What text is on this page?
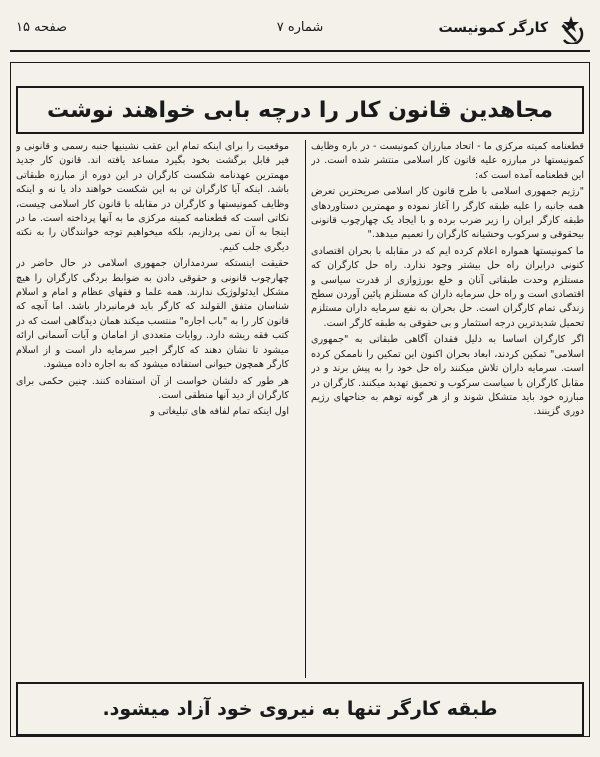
کارگر کمونیست
شماره ۷
صفحه ۱۵
مجاهدین قانون کار را درچه بابی خواهند نوشت

قطعنامه کمیته مرکزی ما - اتحاد مبارزان کمونیست - در باره وظایف کمونیستها در مبارزه علیه قانون کار اسلامی منتشر شده است. در این قطعنامه آمده است که:

"رژیم جمهوری اسلامی با طرح قانون کار اسلامی صریحترین تعرض همه جانبه را علیه طبقه کارگر را آغاز نموده و مهمترین دستاوردهای طبقه کارگر ایران را زیر ضرب برده و با ایجاد یک چهارچوب قانونی بیحقوقی و سرکوب وحشیانه کارگران را تعمیم میدهد."

ما کمونیستها همواره اعلام کرده ایم که در مقابله با بحران اقتصادی کنونی درایران راه حل بیشتر وجود ندارد. راه حل کارگران که مستلزم وحدت طبقاتی آنان و خلع بورژوازی از قدرت سیاسی و اقتصادی است و راه حل سرمایه داران که مستلزم پائین آوردن سطح زندگی تمام کارگران است. حل بحران به نفع سرمایه داران مستلزم تحمیل شدیدترین درجه استثمار و بی حقوقی به طبقه کارگر است.

اگر کارگران اساسا به دلیل فقدان آگاهی طبقاتی به "جمهوری اسلامی" تمکین کردند، ابعاد بحران اکنون این تمکین را ناممکن کرده است. سرمایه داران تلاش میکنند راه حل خود را به پیش برند و در مقابل کارگران با سیاست سرکوب و تحمیق تهدید میکنند. کارگران در مبارزه خود باید متشکل شوند و از هر گونه توهم به جناحهای رژیم دوری گزینند.

موقعیت را برای اینکه تمام این عقب نشینیها جنبه رسمی و قانونی و فیر قابل برگشت بخود بگیرد مساعد یافته اند. قانون کار جدید مهمترین عهدنامه شکست کارگران در این دوره از مبارزه طبقاتی باشد. اینکه آیا کارگران تن به این شکست خواهند داد یا نه و اینکه وظایف کمونیستها و کارگران در مقابله با قانون کار اسلامی چیست، نکاتی است که قطعنامه کمیته مرکزی ما به آنها پرداخته است. ما در اینجا به آن نمی پردازیم، بلکه میخواهیم توجه خوانندگان را به نکته دیگری جلب کنیم.

حقیقت اینستکه سردمداران جمهوری اسلامی در حال حاضر در چهارچوب قانونی و حقوقی دادن به ضوابط بردگی کارگران را هیچ مشکل ایدئولوژیک ندارند. همه علما و فقهای عظام و امام و اسلام شناسان متفق القولند که کارگر باید فرمانبردار باشد. اما آنچه که قانون کار را به "باب اجاره" منتسب میکند همان دیدگاهی است که در کتب فقه ریشه دارد. روایات متعددی از امامان و آیات آسمانی ارائه میشود تا نشان دهند که کارگر اجیر سرمایه دار است و از اسلام کارگر همچون حیوانی استفاده میشود که به اجاره داده میشود.

هر طور که دلشان خواست از آن استفاده کنند. چنین حکمی برای کارگران از دید آنها منطقی است.

اول اینکه تمام لفافه های تبلیغاتی و

طبقه کارگر تنها به نیروی خود آزاد میشود.
